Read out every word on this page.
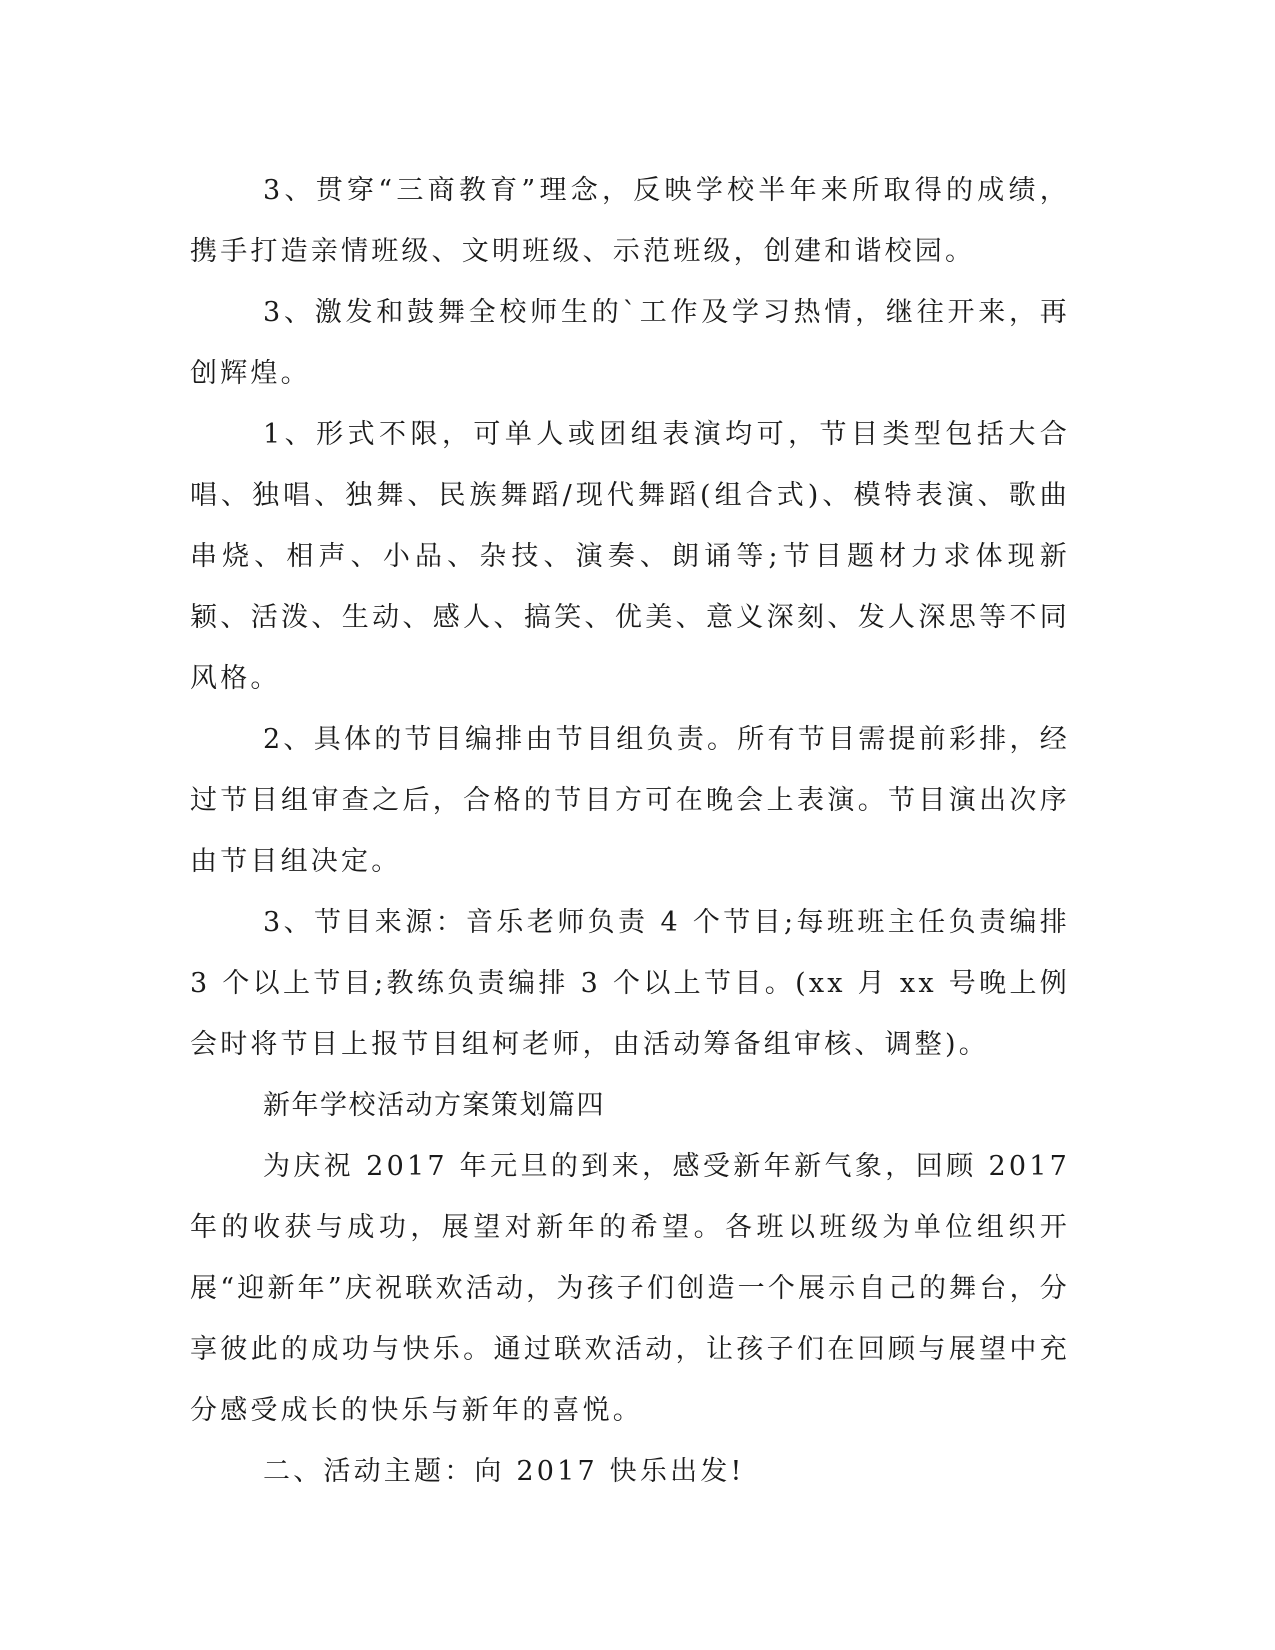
3、贯穿“三商教育”理念，反映学校半年来所取得的成绩，携手打造亲情班级、文明班级、示范班级，创建和谐校园。

3、激发和鼓舞全校师生的`工作及学习热情，继往开来，再创辉煌。

1、形式不限，可单人或团组表演均可，节目类型包括大合唱、独唱、独舞、民族舞蹈/现代舞蹈(组合式)、模特表演、歌曲串烧、相声、小品、杂技、演奏、朗诵等;节目题材力求体现新颖、活泼、生动、感人、搞笑、优美、意义深刻、发人深思等不同风格。

2、具体的节目编排由节目组负责。所有节目需提前彩排，经过节目组审查之后，合格的节目方可在晚会上表演。节目演出次序由节目组决定。

3、节目来源：音乐老师负责 4 个节目;每班班主任负责编排 3 个以上节目;教练负责编排 3 个以上节目。(xx 月 xx 号晚上例会时将节目上报节目组柯老师，由活动筹备组审核、调整)。

新年学校活动方案策划篇四

为庆祝 2017 年元旦的到来，感受新年新气象，回顾 2017 年的收获与成功，展望对新年的希望。各班以班级为单位组织开展“迎新年”庆祝联欢活动，为孩子们创造一个展示自己的舞台，分享彼此的成功与快乐。通过联欢活动，让孩子们在回顾与展望中充分感受成长的快乐与新年的喜悦。

二、活动主题：向 2017 快乐出发!
